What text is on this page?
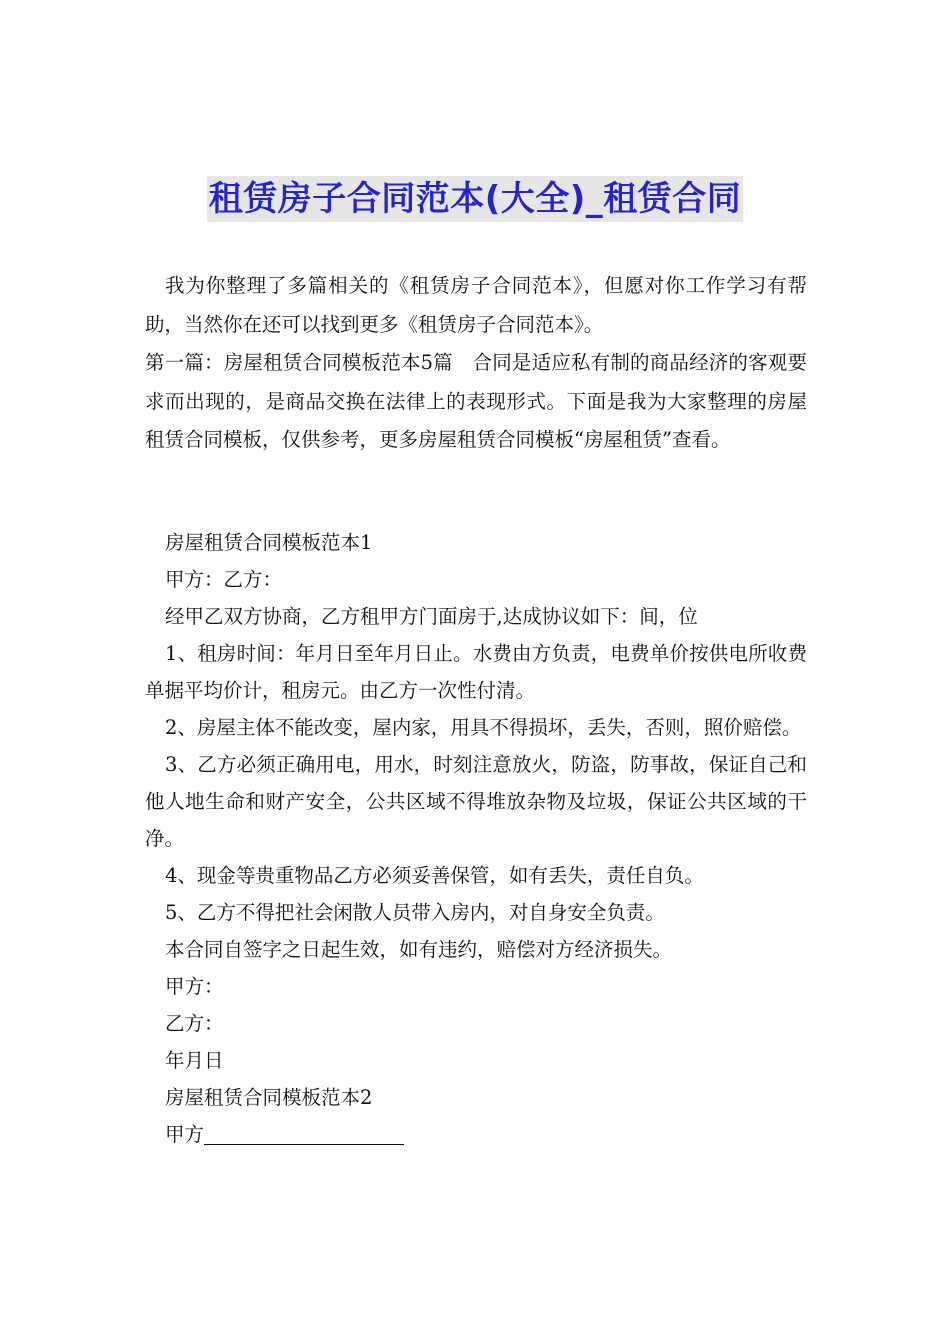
租赁房子合同范本(大全)_租赁合同

我为你整理了多篇相关的《租赁房子合同范本》，但愿对你工作学习有帮助，当然你在还可以找到更多《租赁房子合同范本》。

第一篇：房屋租赁合同模板范本5篇　合同是适应私有制的商品经济的客观要求而出现的，是商品交换在法律上的表现形式。下面是我为大家整理的房屋租赁合同模板，仅供参考，更多房屋租赁合同模板“房屋租赁”查看。

房屋租赁合同模板范本1

甲方：乙方：

经甲乙双方协商，乙方租甲方门面房于,达成协议如下：间，位

1、租房时间：年月日至年月日止。水费由方负责，电费单价按供电所收费单据平均价计，租房元。由乙方一次性付清。

2、房屋主体不能改变，屋内家，用具不得损坏，丢失，否则，照价赔偿。

3、乙方必须正确用电，用水，时刻注意放火，防盗，防事故，保证自己和他人地生命和财产安全，公共区域不得堆放杂物及垃圾，保证公共区域的干净。

4、现金等贵重物品乙方必须妥善保管，如有丢失，责任自负。

5、乙方不得把社会闲散人员带入房内，对自身安全负责。

本合同自签字之日起生效，如有违约，赔偿对方经济损失。

甲方：

乙方：

年月日

房屋租赁合同模板范本2

甲方
